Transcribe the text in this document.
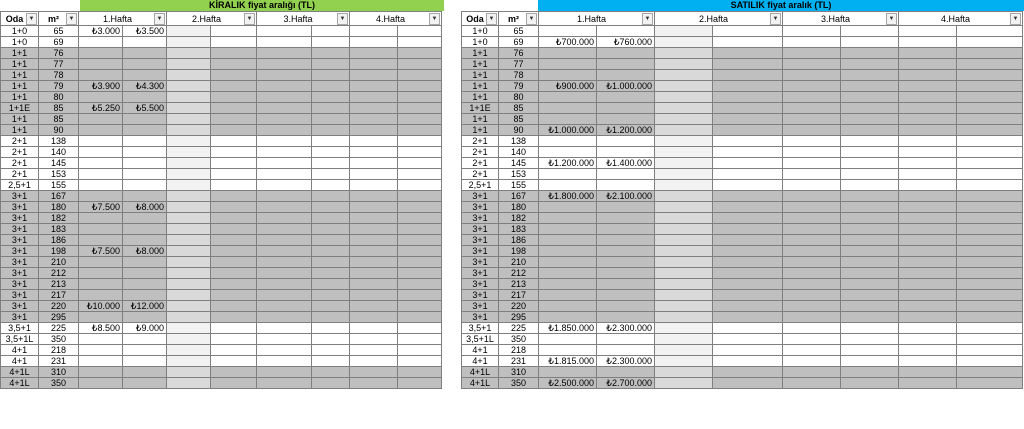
KİRALIK fiyat aralığı (TL)
Oda ▼	m² ▼	1.Hafta ▼		2.Hafta ▼		3.Hafta ▼		4.Hafta ▼	

1+0	65	₺3.000	₺3.500						
1+0	69								
1+1	76								
1+1	77								
1+1	78								
1+1	79	₺3.900	₺4.300						
1+1	80								
1+1E	85	₺5.250	₺5.500						
1+1	85								
1+1	90								
2+1	138								
2+1	140								
2+1	145								
2+1	153								
2,5+1	155								
3+1	167								
3+1	180	₺7.500	₺8.000						
3+1	182								
3+1	183								
3+1	186								
3+1	198	₺7.500	₺8.000						
3+1	210								
3+1	212								
3+1	213								
3+1	217								
3+1	220	₺10.000	₺12.000						
3+1	295								
3,5+1	225	₺8.500	₺9.000						
3,5+1L	350								
4+1	218								
4+1	231								
4+1L	310								
4+1L	350								
SATILIK fiyat aralık (TL)
Oda ▼	m² ▼	1.Hafta ▼		2.Hafta ▼		3.Hafta ▼		4.Hafta ▼	

1+0	65								
1+0	69	₺700.000	₺760.000						
1+1	76								
1+1	77								
1+1	78								
1+1	79	₺900.000	₺1.000.000						
1+1	80								
1+1E	85								
1+1	85								
1+1	90	₺1.000.000	₺1.200.000						
2+1	138								
2+1	140								
2+1	145	₺1.200.000	₺1.400.000						
2+1	153								
2,5+1	155								
3+1	167	₺1.800.000	₺2.100.000						
3+1	180								
3+1	182								
3+1	183								
3+1	186								
3+1	198								
3+1	210								
3+1	212								
3+1	213								
3+1	217								
3+1	220								
3+1	295								
3,5+1	225	₺1.850.000	₺2.300.000						
3,5+1L	350								
4+1	218								
4+1	231	₺1.815.000	₺2.300.000						
4+1L	310								
4+1L	350	₺2.500.000	₺2.700.000						
